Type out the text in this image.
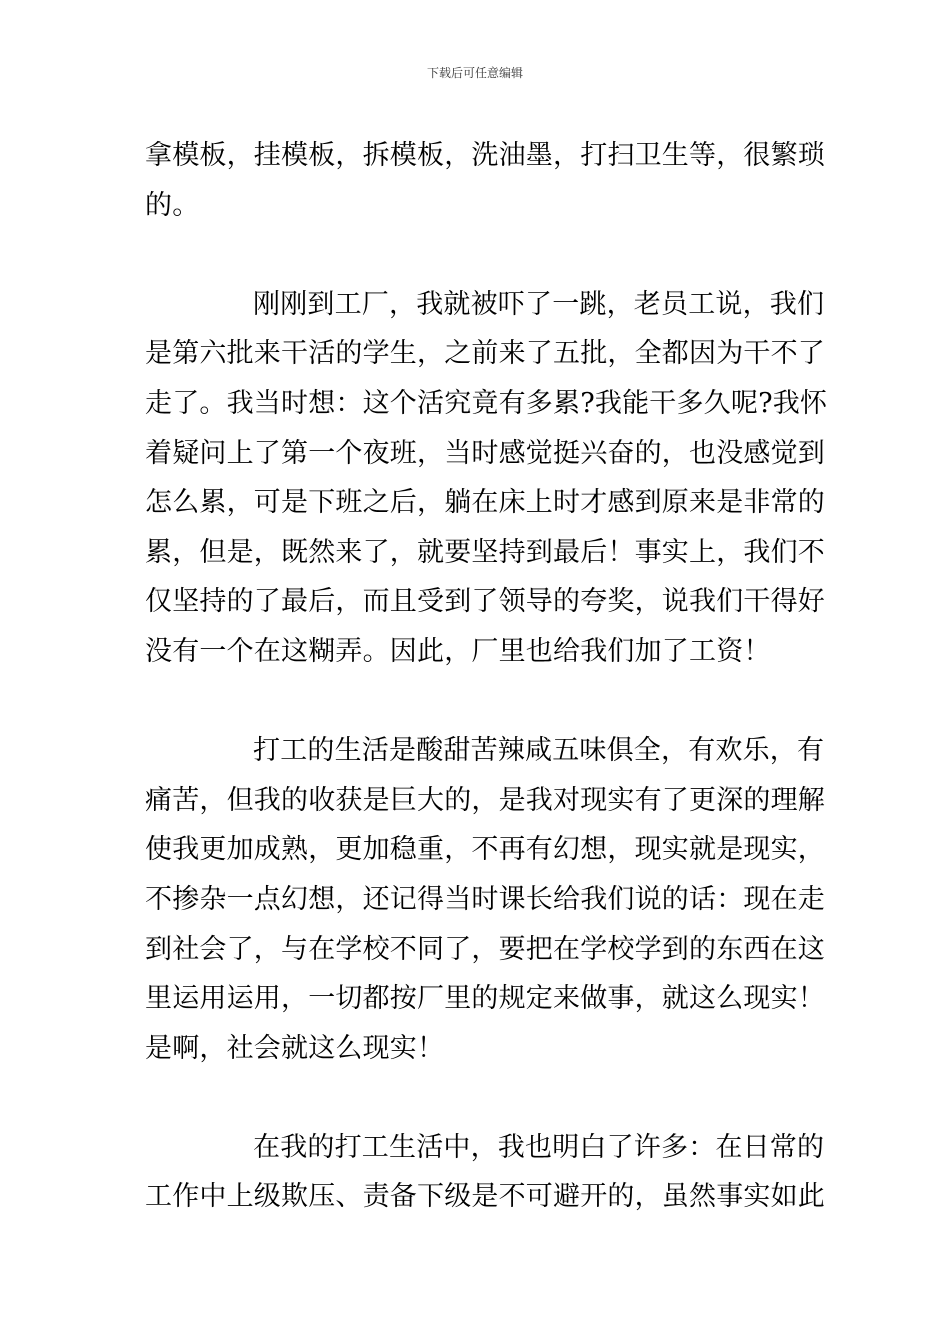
下载后可任意编辑
拿模板，挂模板，拆模板，洗油墨，打扫卫生等，很繁琐
的。
刚刚到工厂，我就被吓了一跳，老员工说，我们
是第六批来干活的学生，之前来了五批，全都因为干不了
走了。我当时想：这个活究竟有多累?我能干多久呢?我怀
着疑问上了第一个夜班，当时感觉挺兴奋的，也没感觉到
怎么累，可是下班之后，躺在床上时才感到原来是非常的
累，但是，既然来了，就要坚持到最后！事实上，我们不
仅坚持的了最后，而且受到了领导的夸奖，说我们干得好
没有一个在这糊弄。因此，厂里也给我们加了工资！
打工的生活是酸甜苦辣咸五味俱全，有欢乐，有
痛苦，但我的收获是巨大的，是我对现实有了更深的理解
使我更加成熟，更加稳重，不再有幻想，现实就是现实，
不掺杂一点幻想，还记得当时课长给我们说的话：现在走
到社会了，与在学校不同了，要把在学校学到的东西在这
里运用运用，一切都按厂里的规定来做事，就这么现实！
是啊，社会就这么现实！
在我的打工生活中，我也明白了许多：在日常的
工作中上级欺压、责备下级是不可避开的，虽然事实如此
